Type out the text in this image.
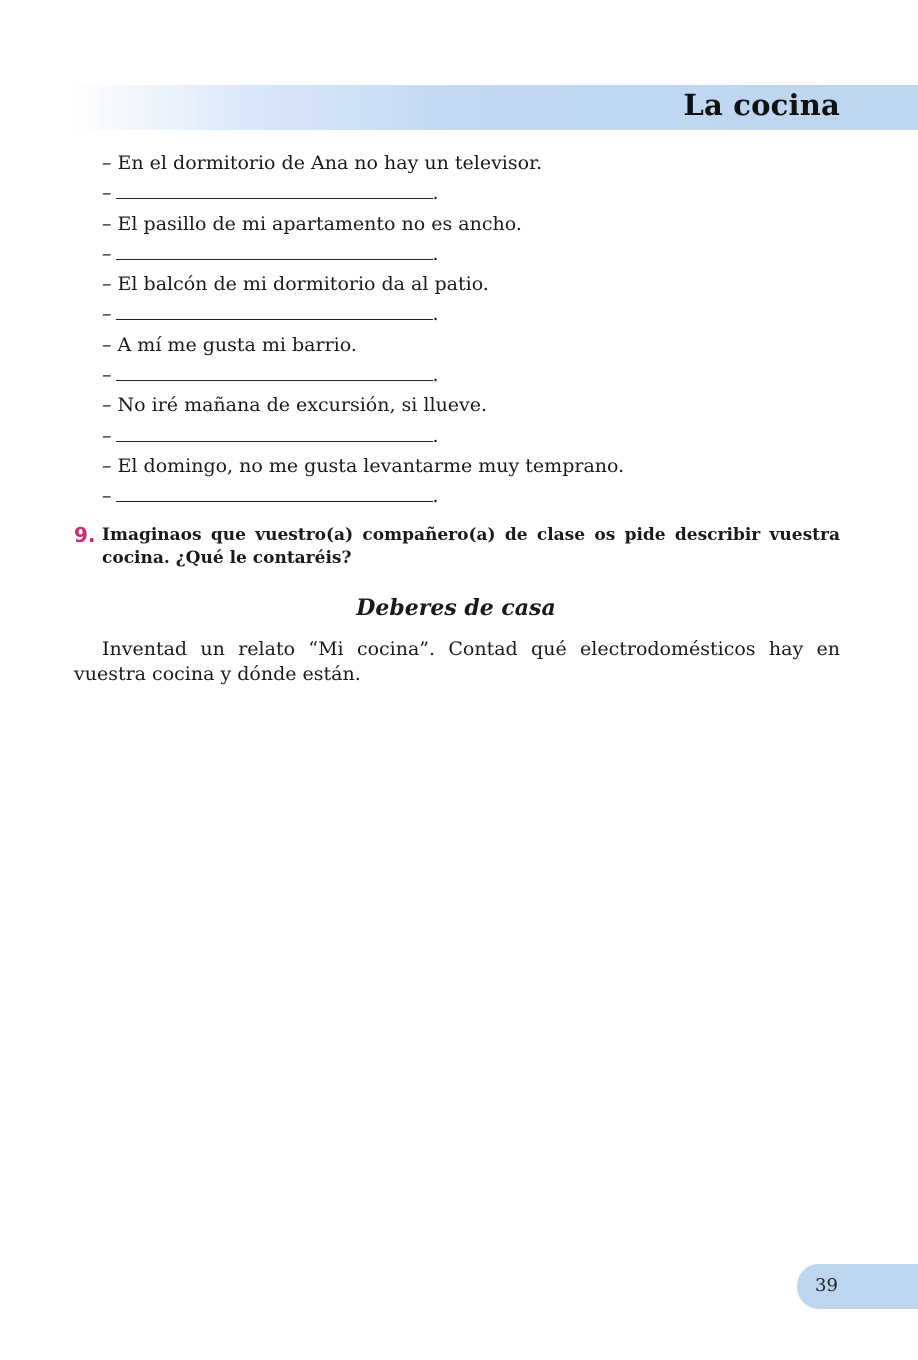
La cocina
– En el dormitorio de Ana no hay un televisor.
–	.
– El pasillo de mi apartamento no es ancho.
–	.
– El balcón de mi dormitorio da al patio.
–	.
– A mí me gusta mi barrio.
–	.
– No iré mañana de excursión, si llueve.
–	.
– El domingo, no me gusta levantarme muy temprano.
–	.
9. Imaginaos que vuestro(a) compañero(a) de clase os pide describir vuestra cocina. ¿Qué le contaréis?
Deberes de casa
Inventad un relato “Mi cocina”. Contad qué electrodomésticos hay en vuestra cocina y dónde están.
39
